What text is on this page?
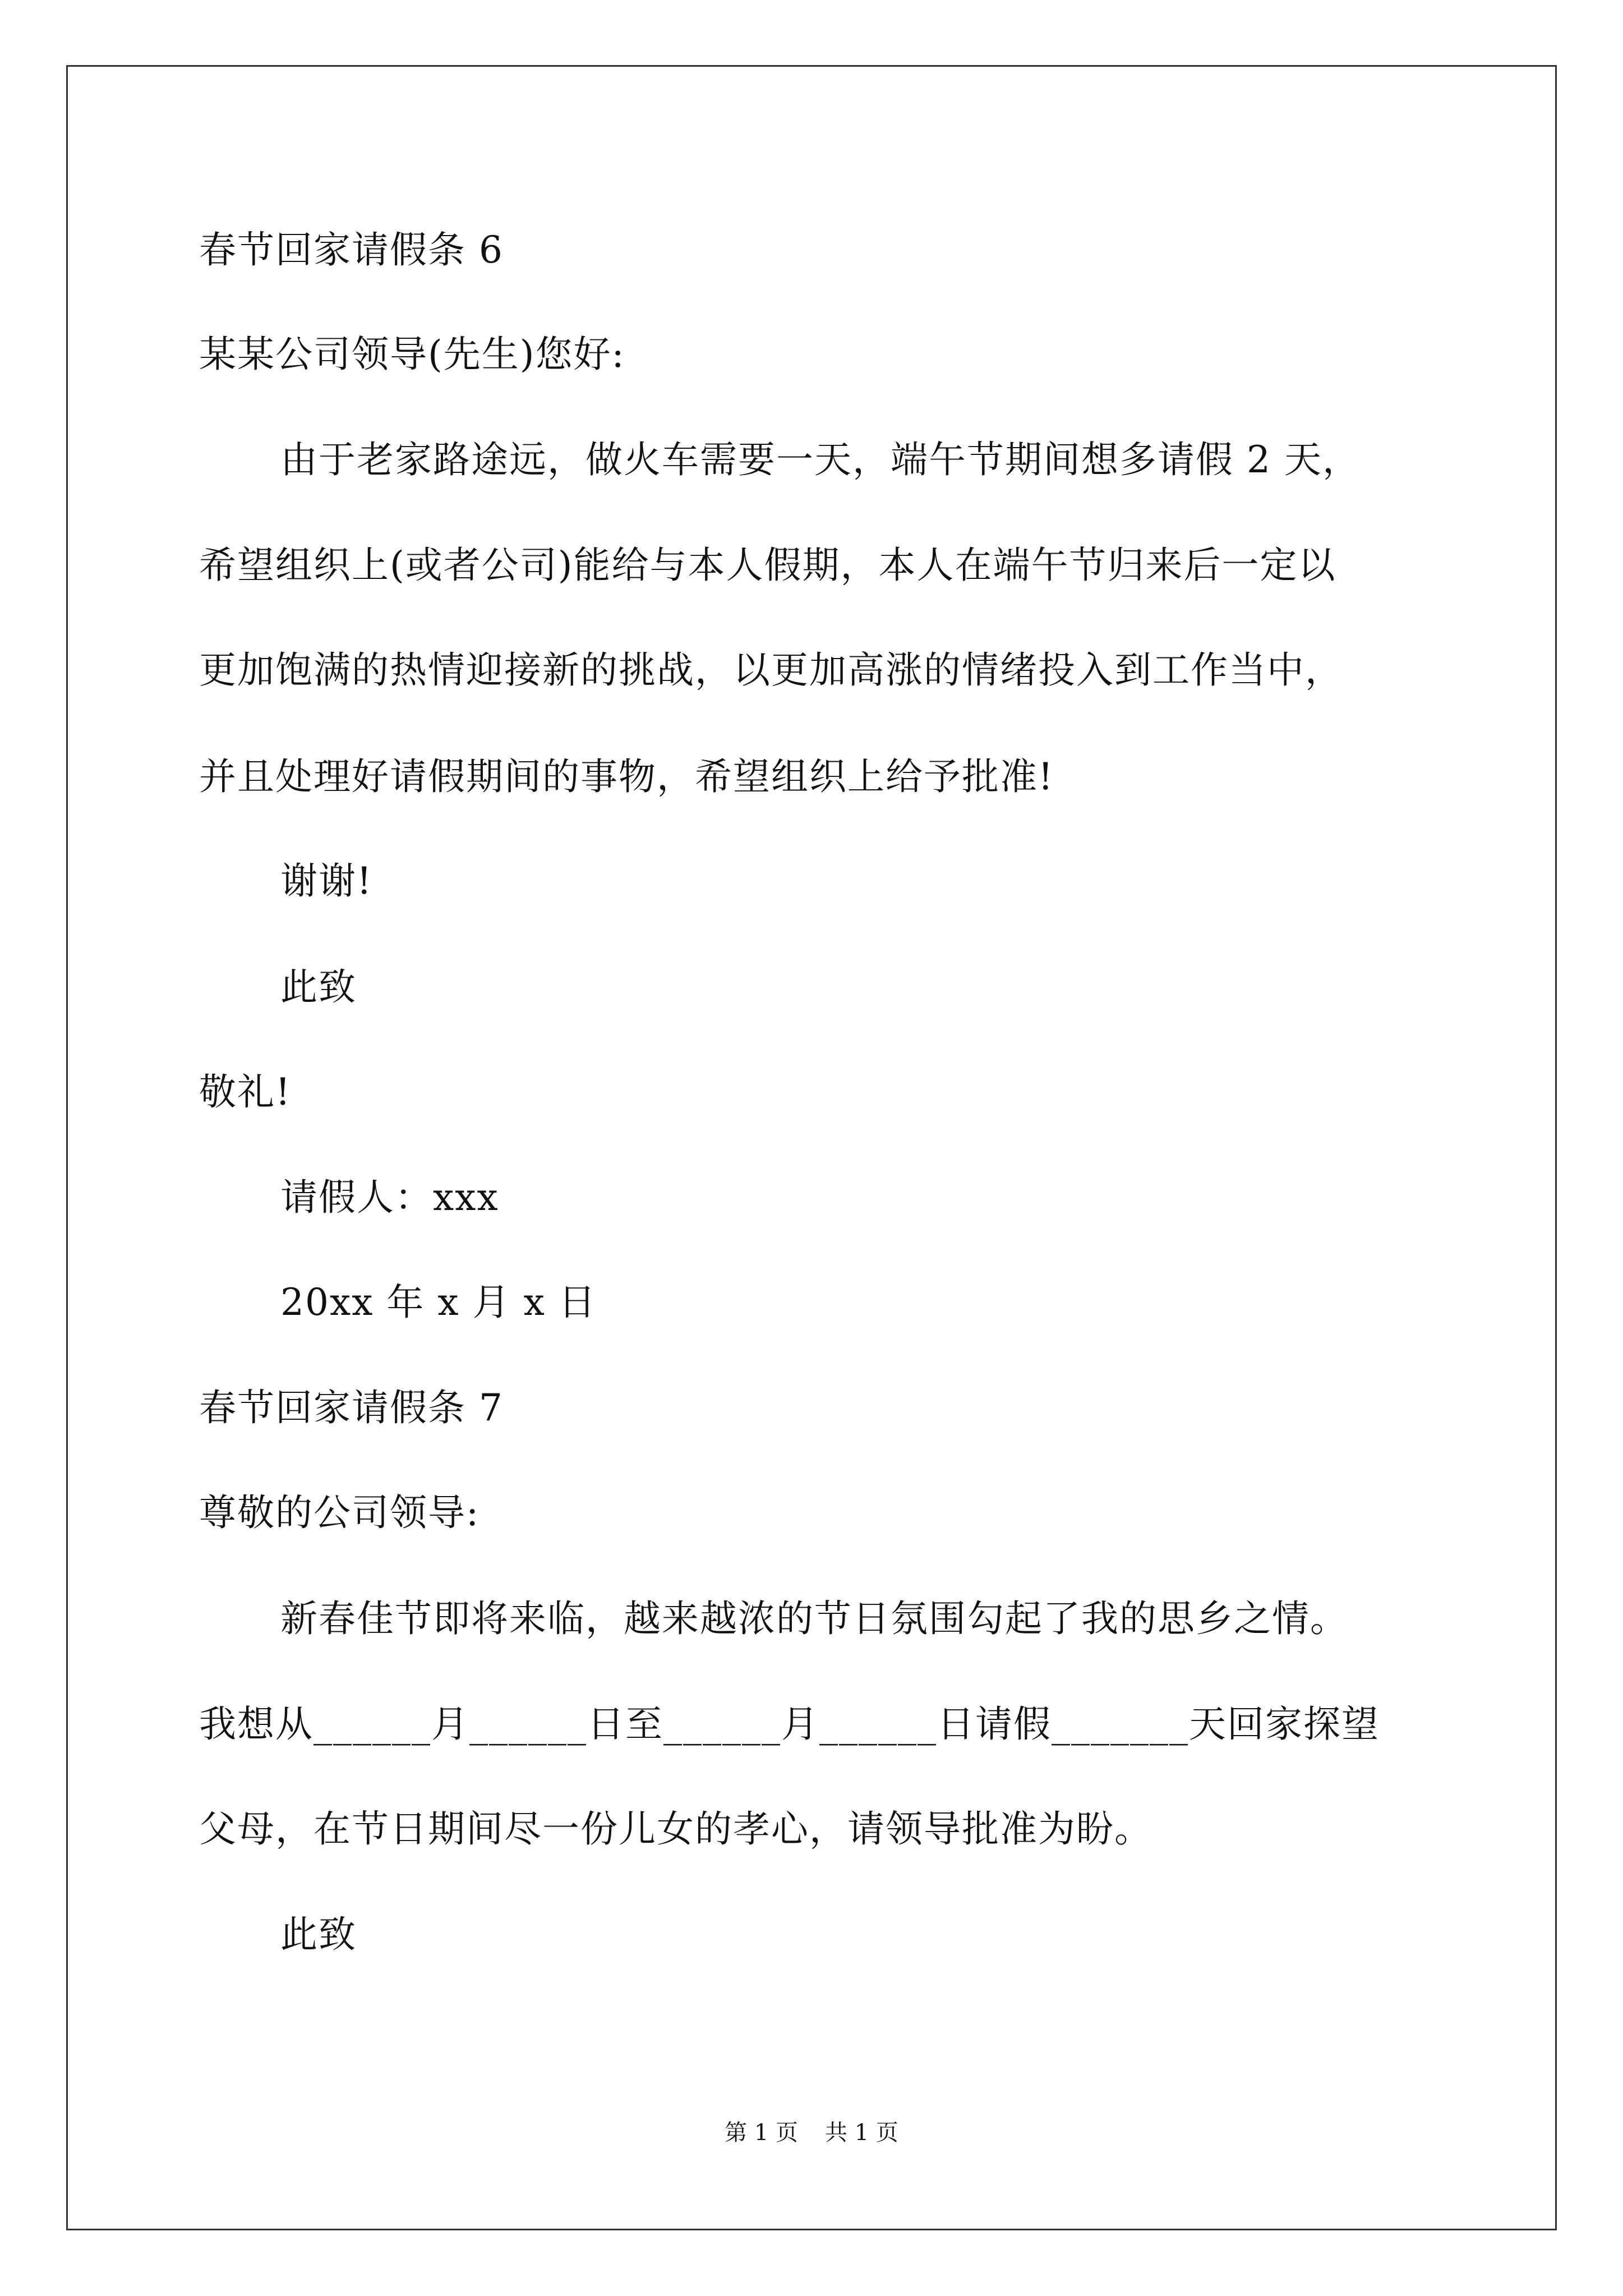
春节回家请假条 6
某某公司领导(先生)您好:
由于老家路途远，做火车需要一天，端午节期间想多请假 2 天，
希望组织上(或者公司)能给与本人假期，本人在端午节归来后一定以
更加饱满的热情迎接新的挑战，以更加高涨的情绪投入到工作当中，
并且处理好请假期间的事物，希望组织上给予批准!
谢谢!
此致
敬礼!
请假人：xxx
20xx 年 x 月 x 日
春节回家请假条 7
尊敬的公司领导:
新春佳节即将来临，越来越浓的节日氛围勾起了我的思乡之情。
我想从______月______日至______月______日请假_______天回家探望
父母，在节日期间尽一份儿女的孝心，请领导批准为盼。
此致
第 1 页 共 1 页
